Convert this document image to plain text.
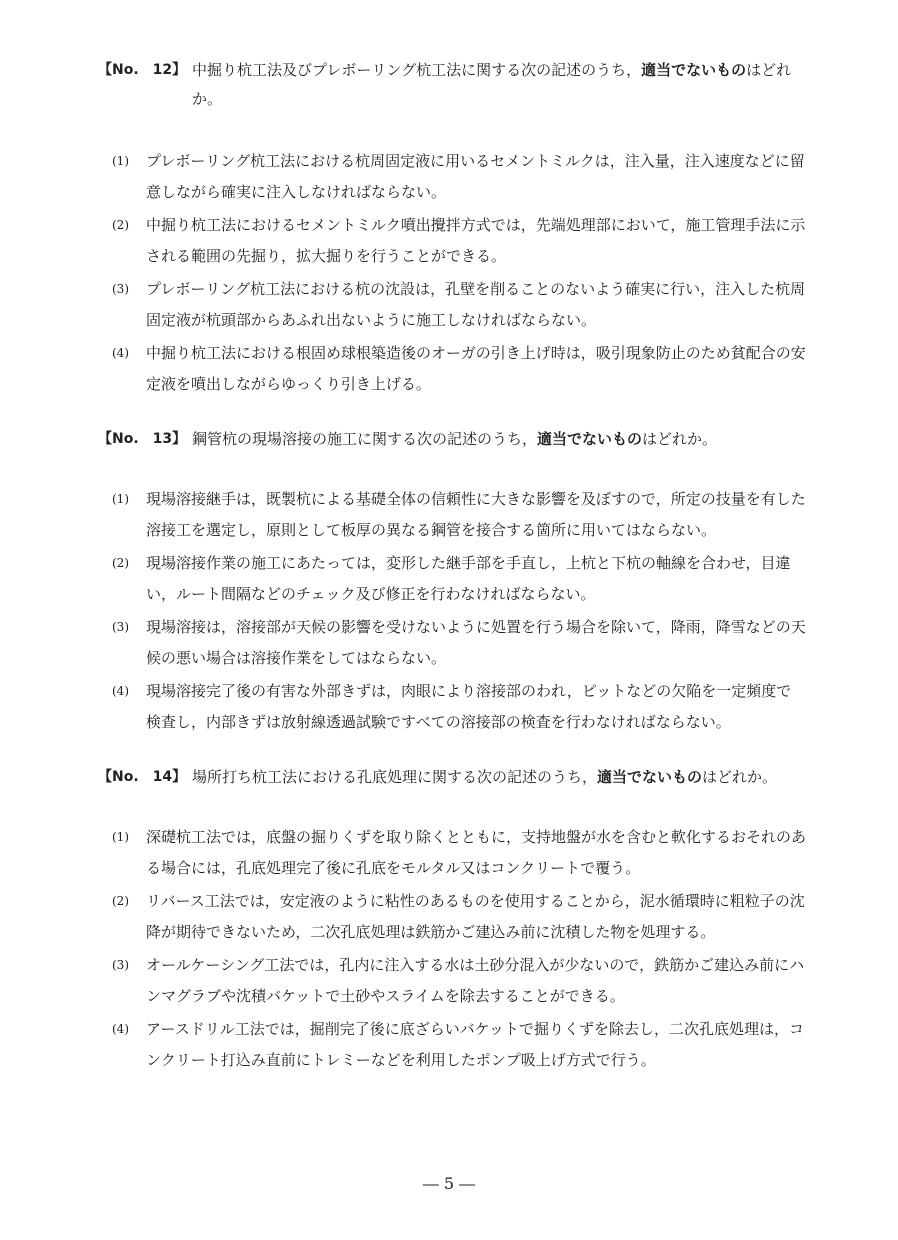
【No.　12】 中掘り杭工法及びプレボーリング杭工法に関する次の記述のうち，適当でないものはどれか。
(1) プレボーリング杭工法における杭周固定液に用いるセメントミルクは，注入量，注入速度などに留意しながら確実に注入しなければならない。
(2) 中掘り杭工法におけるセメントミルク噴出攪拌方式では，先端処理部において，施工管理手法に示される範囲の先掘り，拡大掘りを行うことができる。
(3) プレボーリング杭工法における杭の沈設は，孔壁を削ることのないよう確実に行い，注入した杭周固定液が杭頭部からあふれ出ないように施工しなければならない。
(4) 中掘り杭工法における根固め球根築造後のオーガの引き上げ時は，吸引現象防止のため貧配合の安定液を噴出しながらゆっくり引き上げる。
【No.　13】 鋼管杭の現場溶接の施工に関する次の記述のうち，適当でないものはどれか。
(1) 現場溶接継手は，既製杭による基礎全体の信頼性に大きな影響を及ぼすので，所定の技量を有した溶接工を選定し，原則として板厚の異なる鋼管を接合する箇所に用いてはならない。
(2) 現場溶接作業の施工にあたっては，変形した継手部を手直し，上杭と下杭の軸線を合わせ，目違い，ルート間隔などのチェック及び修正を行わなければならない。
(3) 現場溶接は，溶接部が天候の影響を受けないように処置を行う場合を除いて，降雨，降雪などの天候の悪い場合は溶接作業をしてはならない。
(4) 現場溶接完了後の有害な外部きずは，肉眼により溶接部のわれ，ピットなどの欠陥を一定頻度で検査し，内部きずは放射線透過試験ですべての溶接部の検査を行わなければならない。
【No.　14】 場所打ち杭工法における孔底処理に関する次の記述のうち，適当でないものはどれか。
(1) 深礎杭工法では，底盤の掘りくずを取り除くとともに，支持地盤が水を含むと軟化するおそれのある場合には，孔底処理完了後に孔底をモルタル又はコンクリートで覆う。
(2) リバース工法では，安定液のように粘性のあるものを使用することから，泥水循環時に粗粒子の沈降が期待できないため，二次孔底処理は鉄筋かご建込み前に沈積した物を処理する。
(3) オールケーシング工法では，孔内に注入する水は土砂分混入が少ないので，鉄筋かご建込み前にハンマグラブや沈積バケットで土砂やスライムを除去することができる。
(4) アースドリル工法では，掘削完了後に底ざらいバケットで掘りくずを除去し，二次孔底処理は，コンクリート打込み直前にトレミーなどを利用したポンプ吸上げ方式で行う。
― 5 ―
